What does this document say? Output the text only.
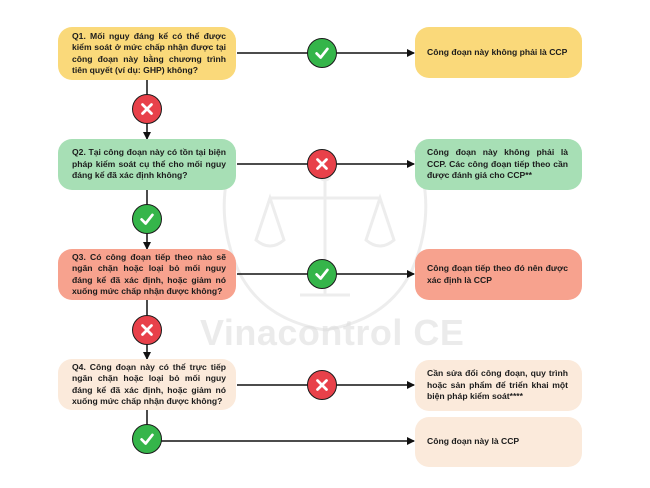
Vinacontrol CE
Q1. Mối nguy đáng kể có thể được kiểm soát ở mức chấp nhận được tại công đoạn này bằng chương trình tiên quyết (ví dụ: GHP) không?
Q2. Tại công đoạn này có tồn tại biện pháp kiểm soát cụ thể cho mối nguy đáng kể đã xác định không?
Q3. Có công đoạn tiếp theo nào sẽ ngăn chặn hoặc loại bỏ mối nguy đáng kể đã xác định, hoặc giảm nó xuống mức chấp nhận được không?
Q4. Công đoạn này có thể trực tiếp ngăn chặn hoặc loại bỏ mối nguy đáng kể đã xác định, hoặc giảm nó xuống mức chấp nhận được không?
Công đoạn này không phải là CCP
Công đoạn này không phải là CCP. Các công đoạn tiếp theo cần được đánh giá cho CCP**
Công đoạn tiếp theo đó nên được xác định là CCP
Cần sửa đổi công đoạn, quy trình hoặc sản phẩm để triển khai một biện pháp kiểm soát****
Công đoạn này là CCP
